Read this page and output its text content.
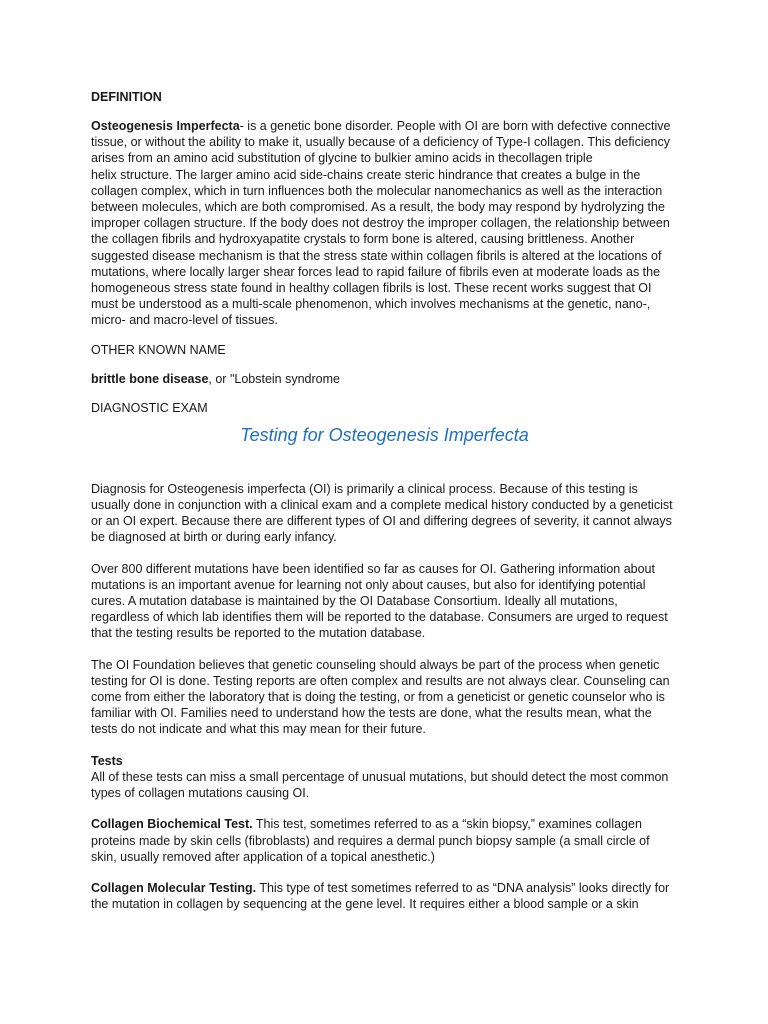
DEFINITION

Osteogenesis Imperfecta- is a genetic bone disorder. People with OI are born with defective connective
tissue, or without the ability to make it, usually because of a deficiency of Type-I collagen. This deficiency
arises from an amino acid substitution of glycine to bulkier amino acids in thecollagen triple
helix structure. The larger amino acid side-chains create steric hindrance that creates a bulge in the
collagen complex, which in turn influences both the molecular nanomechanics as well as the interaction
between molecules, which are both compromised. As a result, the body may respond by hydrolyzing the
improper collagen structure. If the body does not destroy the improper collagen, the relationship between
the collagen fibrils and hydroxyapatite crystals to form bone is altered, causing brittleness. Another
suggested disease mechanism is that the stress state within collagen fibrils is altered at the locations of
mutations, where locally larger shear forces lead to rapid failure of fibrils even at moderate loads as the
homogeneous stress state found in healthy collagen fibrils is lost. These recent works suggest that OI
must be understood as a multi-scale phenomenon, which involves mechanisms at the genetic, nano-,
micro- and macro-level of tissues.

OTHER KNOWN NAME

brittle bone disease, or "Lobstein syndrome

DIAGNOSTIC EXAM

Testing for Osteogenesis Imperfecta

Diagnosis for Osteogenesis imperfecta (OI) is primarily a clinical process. Because of this testing is
usually done in conjunction with a clinical exam and a complete medical history conducted by a geneticist
or an OI expert. Because there are different types of OI and differing degrees of severity, it cannot always
be diagnosed at birth or during early infancy.

Over 800 different mutations have been identified so far as causes for OI. Gathering information about
mutations is an important avenue for learning not only about causes, but also for identifying potential
cures. A mutation database is maintained by the OI Database Consortium. Ideally all mutations,
regardless of which lab identifies them will be reported to the database. Consumers are urged to request
that the testing results be reported to the mutation database.

The OI Foundation believes that genetic counseling should always be part of the process when genetic
testing for OI is done. Testing reports are often complex and results are not always clear. Counseling can
come from either the laboratory that is doing the testing, or from a geneticist or genetic counselor who is
familiar with OI. Families need to understand how the tests are done, what the results mean, what the
tests do not indicate and what this may mean for their future.

Tests
All of these tests can miss a small percentage of unusual mutations, but should detect the most common
types of collagen mutations causing OI.

Collagen Biochemical Test. This test, sometimes referred to as a “skin biopsy,” examines collagen
proteins made by skin cells (fibroblasts) and requires a dermal punch biopsy sample (a small circle of
skin, usually removed after application of a topical anesthetic.)

Collagen Molecular Testing. This type of test sometimes referred to as “DNA analysis” looks directly for
the mutation in collagen by sequencing at the gene level. It requires either a blood sample or a skin
